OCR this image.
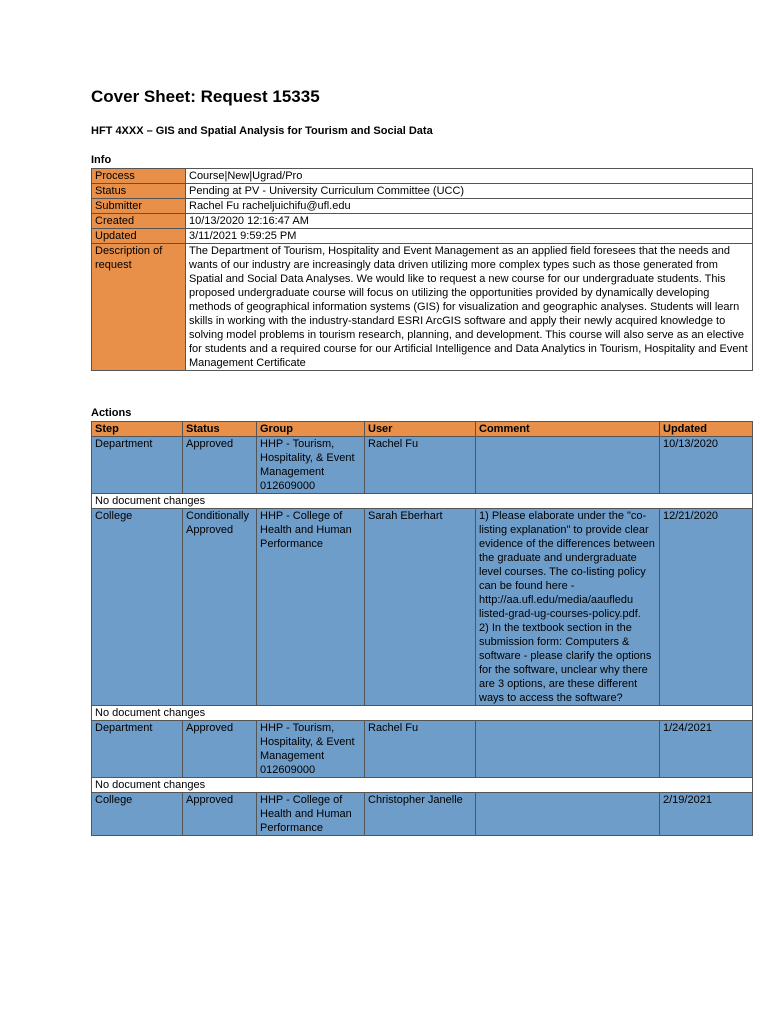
Cover Sheet: Request 15335

HFT 4XXX – GIS and Spatial Analysis for Tourism and Social Data

Info

Process	Course|New|Ugrad/Pro
Status	Pending at PV - University Curriculum Committee (UCC)
Submitter	Rachel Fu racheljuichifu@ufl.edu
Created	10/13/2020 12:16:47 AM
Updated	3/11/2021 9:59:25 PM
Description of request	The Department of Tourism, Hospitality and Event Management as an applied field foresees that the needs and wants of our industry are increasingly data driven utilizing more complex types such as those generated from Spatial and Social Data Analyses. We would like to request a new course for our undergraduate students. This proposed undergraduate course will focus on utilizing the opportunities provided by dynamically developing methods of geographical information systems (GIS) for visualization and geographic analyses. Students will learn skills in working with the industry-standard ESRI ArcGIS software and apply their newly acquired knowledge to solving model problems in tourism research, planning, and development. This course will also serve as an elective for students and a required course for our Artificial Intelligence and Data Analytics in Tourism, Hospitality and Event Management Certificate

Actions

Step	Status	Group	User	Comment	Updated
Department	Approved	HHP - Tourism, Hospitality, & Event Management 012609000	Rachel Fu		10/13/2020
No document changes					
College	Conditionally Approved	HHP - College of Health and Human Performance	Sarah Eberhart	1) Please elaborate under the "co-listing explanation" to provide clear evidence of the differences between the graduate and undergraduate level courses. The co-listing policy can be found here - http://aa.ufl.edu/media/aaufledu listed-grad-ug-courses-policy.pdf.
2) In the textbook section in the submission form: Computers & software - please clarify the options for the software, unclear why there are 3 options, are these different ways to access the software?	12/21/2020
No document changes					
Department	Approved	HHP - Tourism, Hospitality, & Event Management 012609000	Rachel Fu		1/24/2021
No document changes					
College	Approved	HHP - College of Health and Human Performance	Christopher Janelle		2/19/2021
